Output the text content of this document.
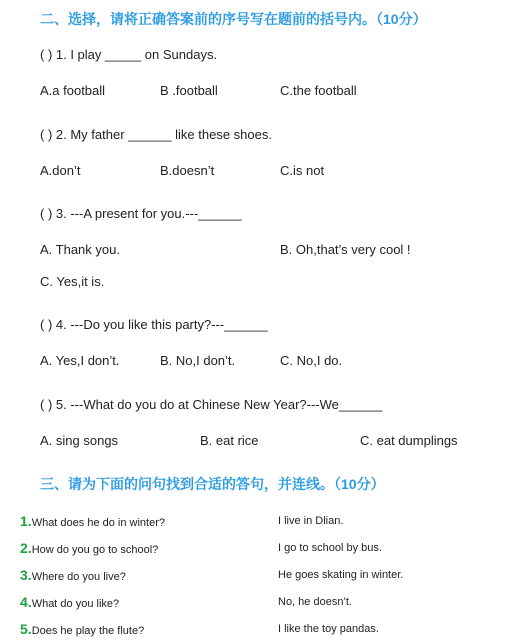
二、选择，请将正确答案前的序号写在题前的括号内。（10分）
( ) 1. I play _____ on Sundays.
A.a football	B .football	C.the football
( ) 2. My father ______ like these shoes.
A.don’t	B.doesn’t	C.is not
( ) 3. ---A present for you.---______
A. Thank you.	B. Oh,that’s very cool !
C. Yes,it is.
( ) 4. ---Do you like this party?---______
A. Yes,I don’t.	B. No,I don’t.	C. No,I do.
( ) 5. ---What do you do at Chinese New Year?---We______
A. sing songs	B. eat rice	C. eat dumplings
三、请为下面的问句找到合适的答句，并连线。（10分）
1.What does he do in winter?	I live in Dlian.
2.How do you go to school?	I go to school by bus.
3.Where do you live?	He goes skating in winter.
4.What do you like?	No, he doesn’t.
5.Does he play the flute?	I like the toy pandas.
